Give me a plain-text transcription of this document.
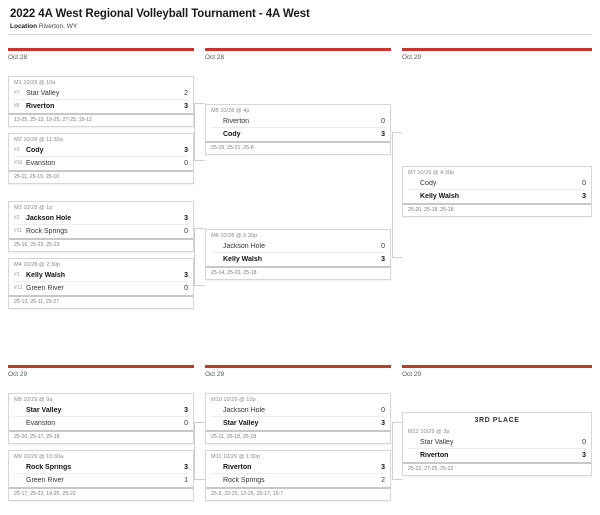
2022 4A West Regional Volleyball Tournament - 4A West
Location Riverton, WY
Oct 28	Oct 28	Oct 29
M1 10/28 @ 10a
#7 Star Valley	2
#6 Riverton	3
13-25, 25-13, 19-25, 27-25, 15-12
M2 10/28 @ 11:30a
#3 Cody	3
#10 Evanston	0
25-11, 25-19, 25-10
M3 10/28 @ 1p
#2 Jackson Hole	3
#11 Rock Springs	0
25-16, 25-23, 25-23
M4 10/28 @ 2:30p
#1 Kelly Walsh	3
#13 Green River	0
25-13, 25-11, 29-27
M5 10/28 @ 4p
Riverton	0
Cody	3
25-15, 25-21, 25-8
M6 10/28 @ 5:30p
Jackson Hole	0
Kelly Walsh	3
25-14, 25-20, 25-18
M7 10/29 @ 4:30p
Cody	0
Kelly Walsh	3
25-20, 25-18, 25-18
Oct 29	Oct 29	Oct 29
M8 10/29 @ 9a
Star Valley	3
Evanston	0
25-20, 25-17, 25-18
M9 10/29 @ 10:30a
Rock Springs	3
Green River	1
25-17, 25-23, 19-25, 25-22
M10 10/29 @ 12p
Jackson Hole	0
Star Valley	3
25-11, 25-18, 25-18
M11 10/29 @ 1:30p
Riverton	3
Rock Springs	2
25-9, 22-25, 12-25, 25-17, 15-7
3RD PLACE
M12 10/29 @ 3p
Star Valley	0
Riverton	3
25-22, 27-25, 25-22
